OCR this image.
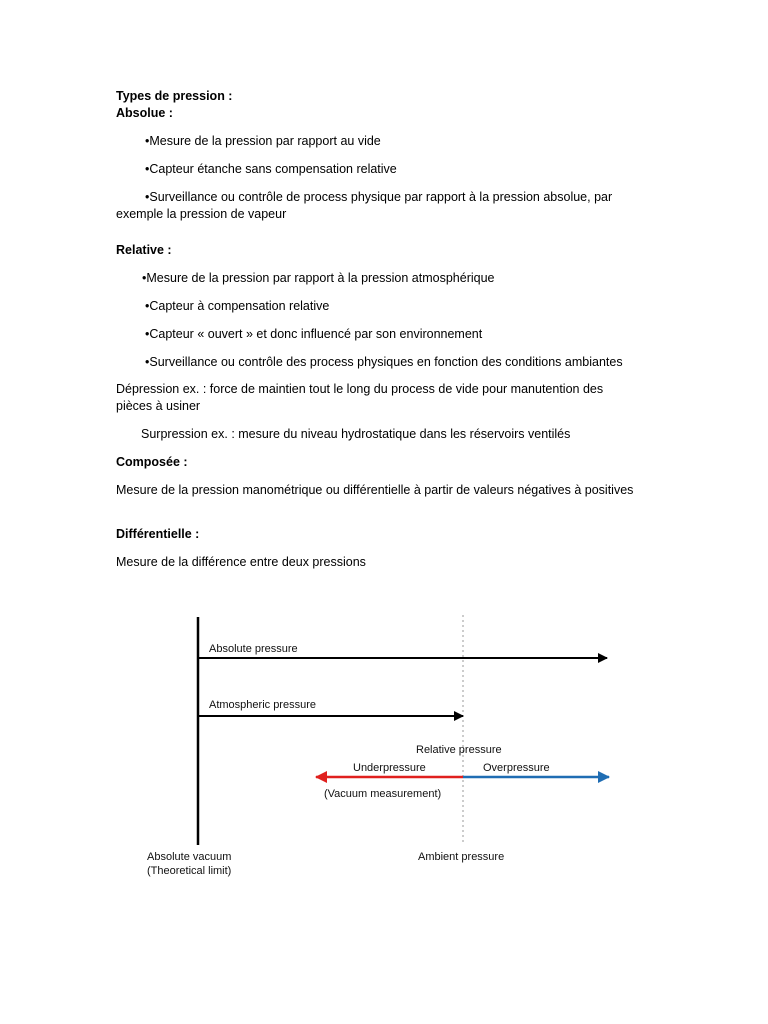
Types de pression :

Absolue :

•Mesure de la pression par rapport au vide

•Capteur étanche sans compensation relative

•Surveillance ou contrôle de process physique par rapport à la pression absolue, par exemple la pression de vapeur

Relative :

•Mesure de la pression par rapport à la pression atmosphérique

•Capteur à compensation relative

•Capteur « ouvert » et donc influencé par son environnement

•Surveillance ou contrôle des process physiques en fonction des conditions ambiantes

Dépression ex. : force de maintien tout le long du process de vide pour manutention des pièces à usiner

Surpression ex. : mesure du niveau hydrostatique dans les réservoirs ventilés

Composée :

Mesure de la pression manométrique ou différentielle à partir de valeurs négatives à positives

Différentielle :

Mesure de la différence entre deux pressions

Absolute pressure
Atmospheric pressure
Relative pressure
Underpressure	Overpressure
(Vacuum measurement)
Absolute vacuum
(Theoretical limit)
Ambient pressure
